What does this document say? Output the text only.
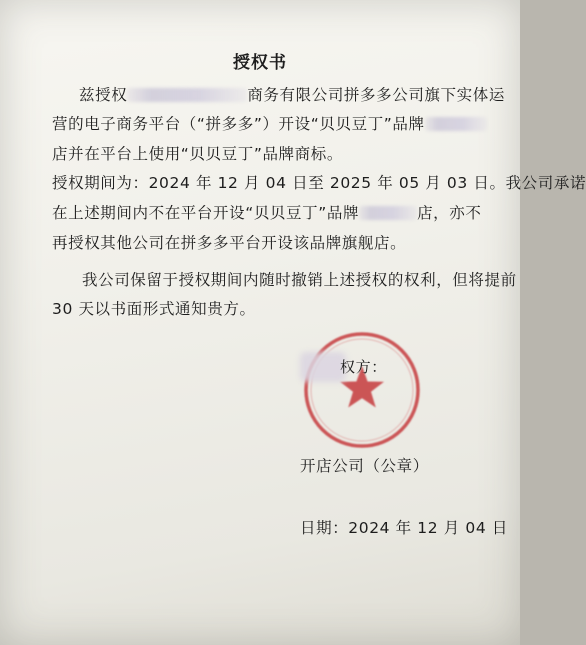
授权书
兹授权	商务有限公司拼多多公司旗下实体运
营的电子商务平台（“拼多多”）开设“贝贝豆丁”品牌
店并在平台上使用“贝贝豆丁”品牌商标。
授权期间为：2024 年 12 月 04 日至 2025 年 05 月 03 日。我公司承诺
在上述期间内不在平台开设“贝贝豆丁”品牌	店，亦不
再授权其他公司在拼多多平台开设该品牌旗舰店。
我公司保留于授权期间内随时撤销上述授权的权利，但将提前
30 天以书面形式通知贵方。
权方：
开店公司（公章）
日期：2024 年 12 月 04 日
